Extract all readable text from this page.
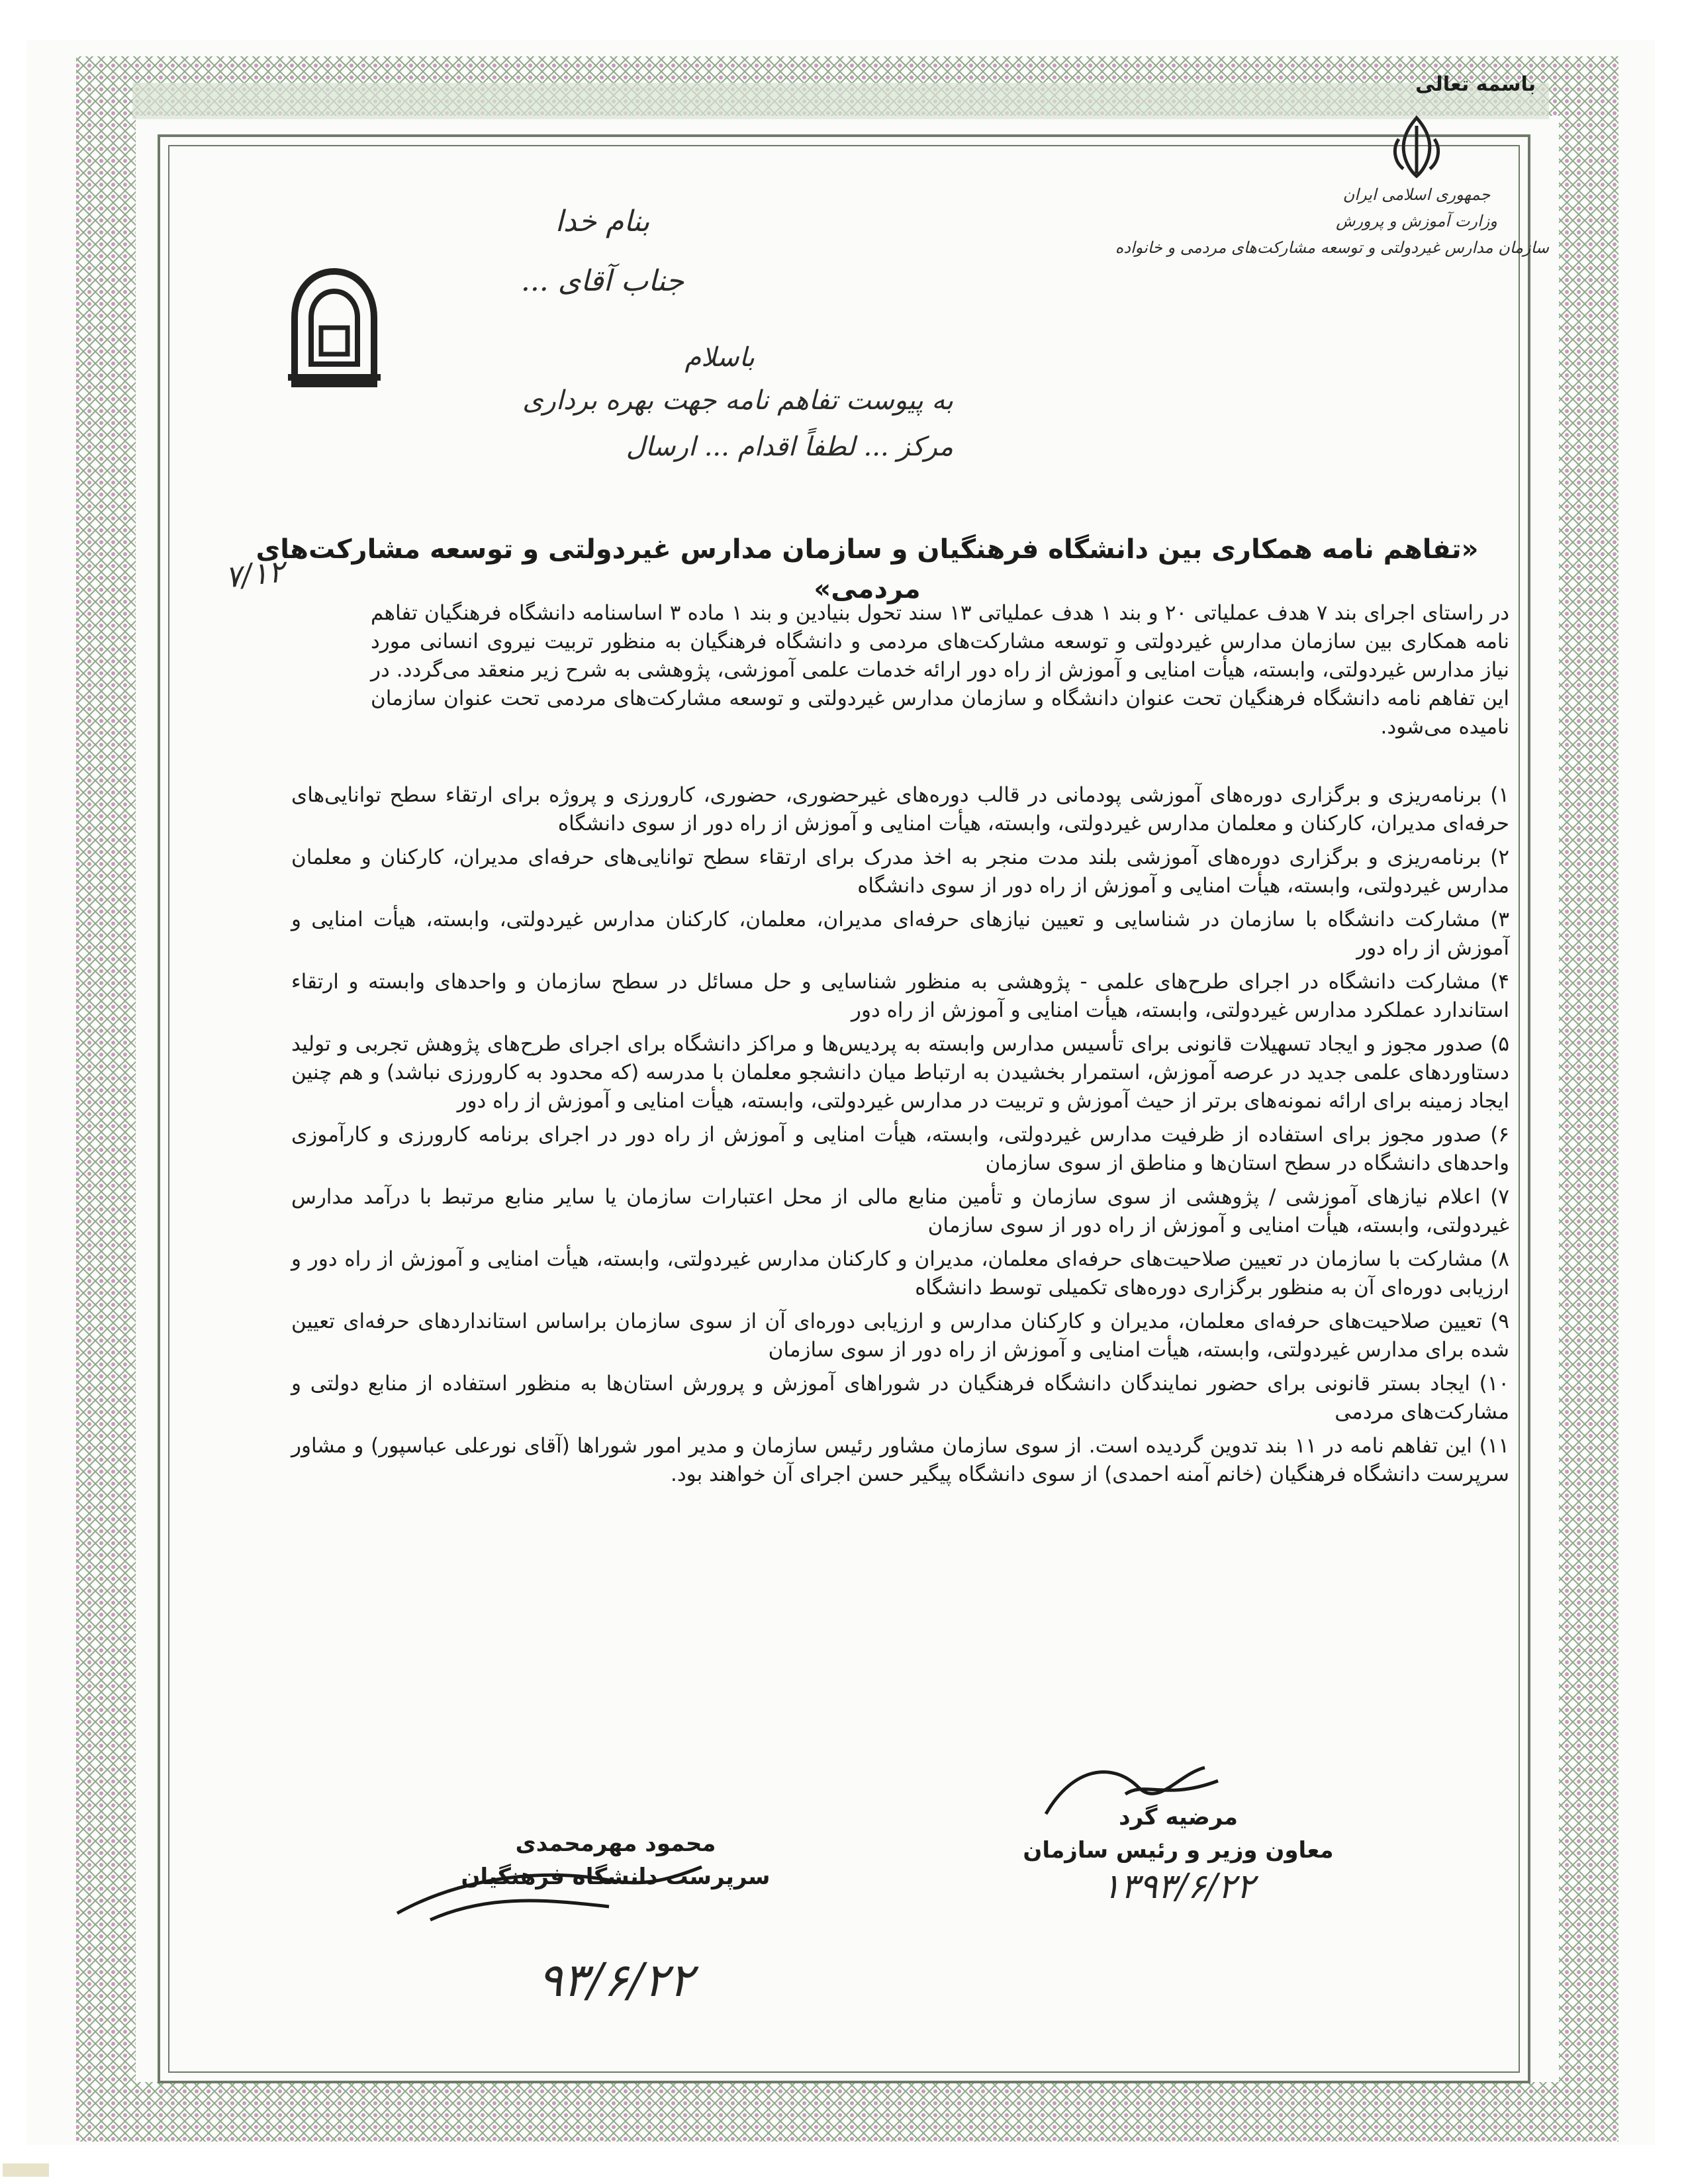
باسمه تعالی
جمهوری اسلامی ایران
وزارت آموزش و پرورش
سازمان مدارس غیردولتی و توسعه مشارکت‌های مردمی و خانواده
بنام خدا
جناب آقای ...
باسلام
به پیوست تفاهم نامه جهت بهره برداری
مرکز ... لطفاً اقدام ... ارسال
۷/۱۲
«تفاهم نامه همکاری بین دانشگاه فرهنگیان و سازمان مدارس غیردولتی و توسعه مشارکت‌های مردمی»
در راستای اجرای بند ۷ هدف عملیاتی ۲۰ و بند ۱ هدف عملیاتی ۱۳ سند تحول بنیادین و بند ۱ ماده ۳ اساسنامه دانشگاه فرهنگیان تفاهم نامه همکاری بین سازمان مدارس غیردولتی و توسعه مشارکت‌های مردمی و دانشگاه فرهنگیان به منظور تربیت نیروی انسانی مورد نیاز مدارس غیردولتی، وابسته، هیأت امنایی و آموزش از راه دور ارائه خدمات علمی آموزشی، پژوهشی به شرح زیر منعقد می‌گردد. در این تفاهم نامه دانشگاه فرهنگیان تحت عنوان دانشگاه و سازمان مدارس غیردولتی و توسعه مشارکت‌های مردمی تحت عنوان سازمان نامیده می‌شود.
۱) برنامه‌ریزی و برگزاری دوره‌های آموزشی پودمانی در قالب دوره‌های غیرحضوری، حضوری، کارورزی و پروژه برای ارتقاء سطح توانایی‌های حرفه‌ای مدیران، کارکنان و معلمان مدارس غیردولتی، وابسته، هیأت امنایی و آموزش از راه دور از سوی دانشگاه
۲) برنامه‌ریزی و برگزاری دوره‌های آموزشی بلند مدت منجر به اخذ مدرک برای ارتقاء سطح توانایی‌های حرفه‌ای مدیران، کارکنان و معلمان مدارس غیردولتی، وابسته، هیأت امنایی و آموزش از راه دور از سوی دانشگاه
۳) مشارکت دانشگاه با سازمان در شناسایی و تعیین نیازهای حرفه‌ای مدیران، معلمان، کارکنان مدارس غیردولتی، وابسته، هیأت امنایی و آموزش از راه دور
۴) مشارکت دانشگاه در اجرای طرح‌های علمی - پژوهشی به منظور شناسایی و حل مسائل در سطح سازمان و واحدهای وابسته و ارتقاء استاندارد عملکرد مدارس غیردولتی، وابسته، هیأت امنایی و آموزش از راه دور
۵) صدور مجوز و ایجاد تسهیلات قانونی برای تأسیس مدارس وابسته به پردیس‌ها و مراکز دانشگاه برای اجرای طرح‌های پژوهش تجربی و تولید دستاوردهای علمی جدید در عرصه آموزش، استمرار بخشیدن به ارتباط میان دانشجو معلمان با مدرسه (که محدود به کارورزی نباشد) و هم چنین ایجاد زمینه برای ارائه نمونه‌های برتر از حیث آموزش و تربیت در مدارس غیردولتی، وابسته، هیأت امنایی و آموزش از راه دور
۶) صدور مجوز برای استفاده از ظرفیت مدارس غیردولتی، وابسته، هیأت امنایی و آموزش از راه دور در اجرای برنامه کارورزی و کارآموزی واحدهای دانشگاه در سطح استان‌ها و مناطق از سوی سازمان
۷) اعلام نیازهای آموزشی / پژوهشی از سوی سازمان و تأمین منابع مالی از محل اعتبارات سازمان یا سایر منابع مرتبط با درآمد مدارس غیردولتی، وابسته، هیأت امنایی و آموزش از راه دور از سوی سازمان
۸) مشارکت با سازمان در تعیین صلاحیت‌های حرفه‌ای معلمان، مدیران و کارکنان مدارس غیردولتی، وابسته، هیأت امنایی و آموزش از راه دور و ارزیابی دوره‌ای آن به منظور برگزاری دوره‌های تکمیلی توسط دانشگاه
۹) تعیین صلاحیت‌های حرفه‌ای معلمان، مدیران و کارکنان مدارس و ارزیابی دوره‌ای آن از سوی سازمان براساس استانداردهای حرفه‌ای تعیین شده برای مدارس غیردولتی، وابسته، هیأت امنایی و آموزش از راه دور از سوی سازمان
۱۰) ایجاد بستر قانونی برای حضور نمایندگان دانشگاه فرهنگیان در شوراهای آموزش و پرورش استان‌ها به منظور استفاده از منابع دولتی و مشارکت‌های مردمی
۱۱) این تفاهم نامه در ۱۱ بند تدوین گردیده است. از سوی سازمان مشاور رئیس سازمان و مدیر امور شوراها (آقای نورعلی عباسپور) و مشاور سرپرست دانشگاه فرهنگیان (خانم آمنه احمدی) از سوی دانشگاه پیگیر حسن اجرای آن خواهند بود.
مرضیه گرد
معاون وزیر و رئیس سازمان
۱۳۹۳/۶/۲۲
محمود مهرمحمدی
سرپرست دانشگاه فرهنگیان
۹۳/۶/۲۲
